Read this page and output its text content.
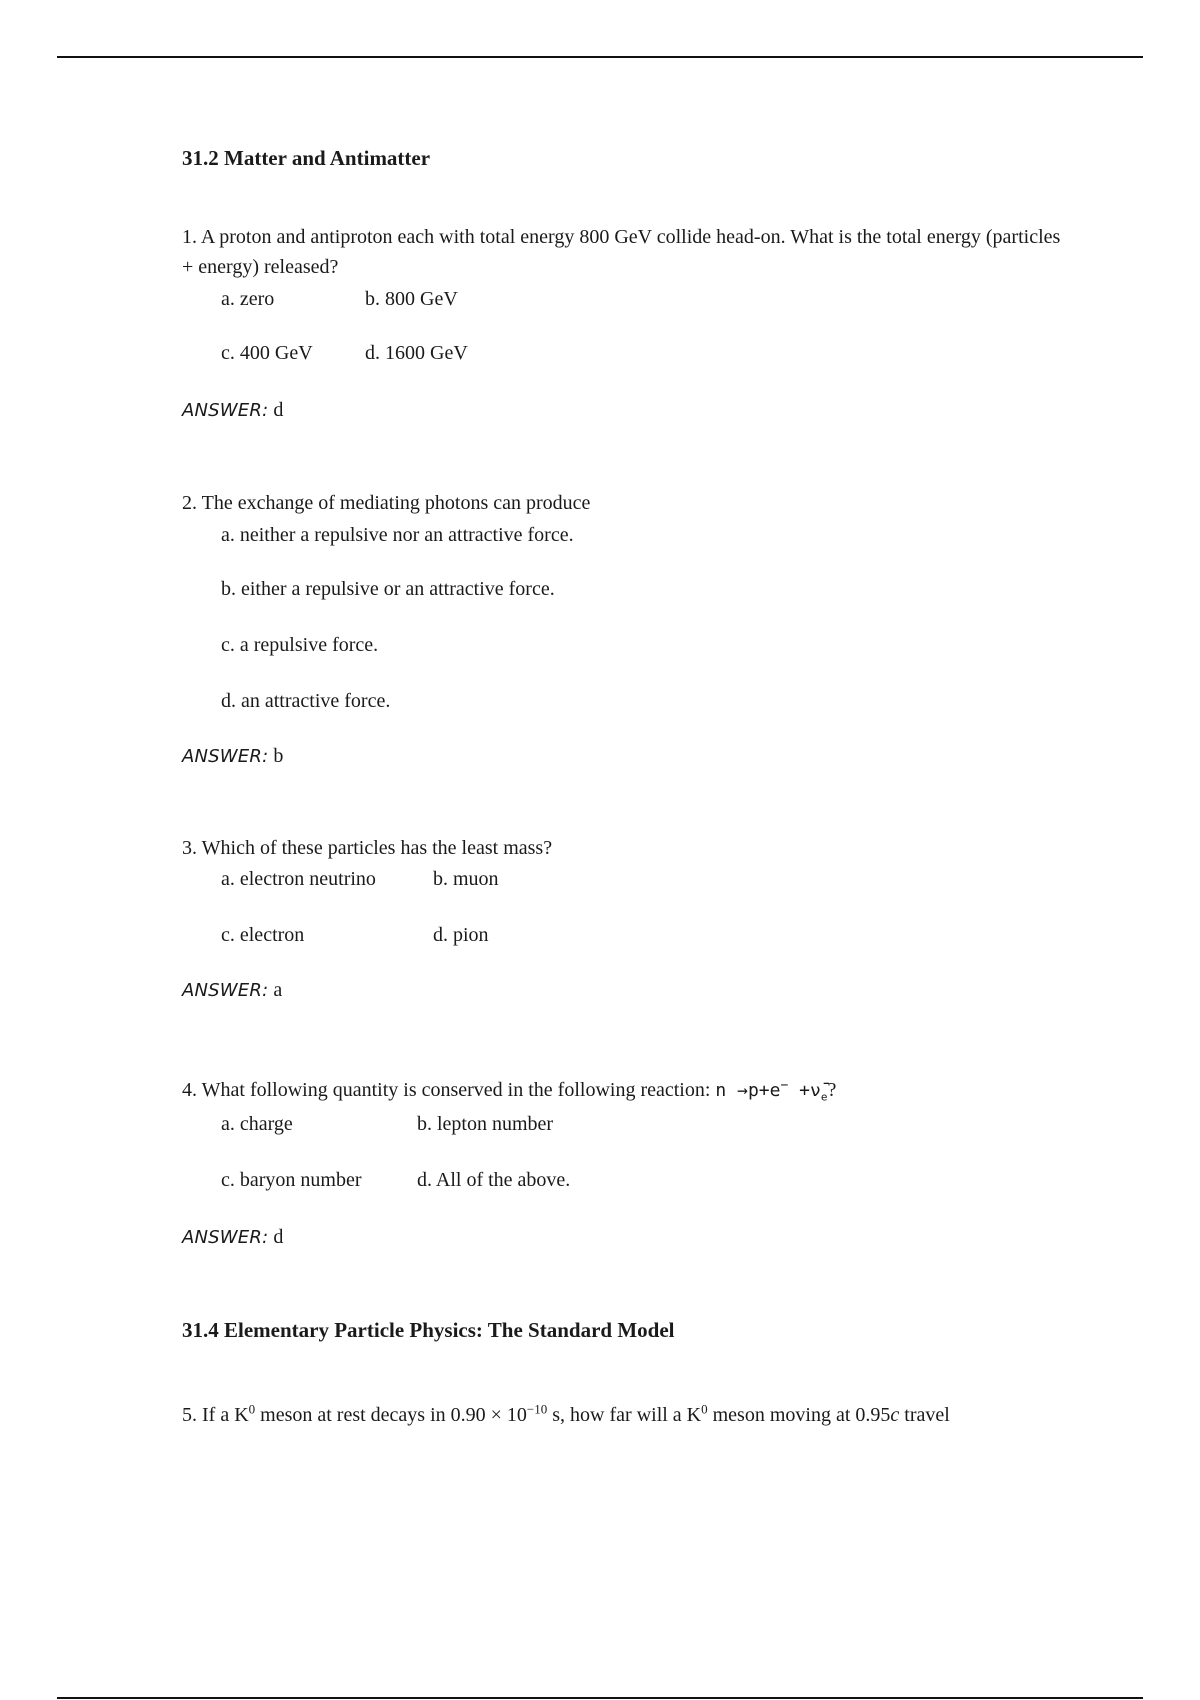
31.2 Matter and Antimatter
1. A proton and antiproton each with total energy 800 GeV collide head-on. What is the total energy (particles + energy) released?
a. zero	b. 800 GeV
c. 400 GeV	d. 1600 GeV
ANSWER: d
2. The exchange of mediating photons can produce
a. neither a repulsive nor an attractive force.
b. either a repulsive or an attractive force.
c. a repulsive force.
d. an attractive force.
ANSWER: b
3. Which of these particles has the least mass?
a. electron neutrino	b. muon
c. electron	d. pion
ANSWER: a
4. What following quantity is conserved in the following reaction: $n \to p+e^- +\nū_e$?
a. charge	b. lepton number
c. baryon number	d. All of the above.
ANSWER: d
31.4 Elementary Particle Physics: The Standard Model
5. If a $K^0$ meson at rest decays in $0.90 \times 10^{-10}$ s, how far will a $K^0$ meson moving at 0.95c travel
